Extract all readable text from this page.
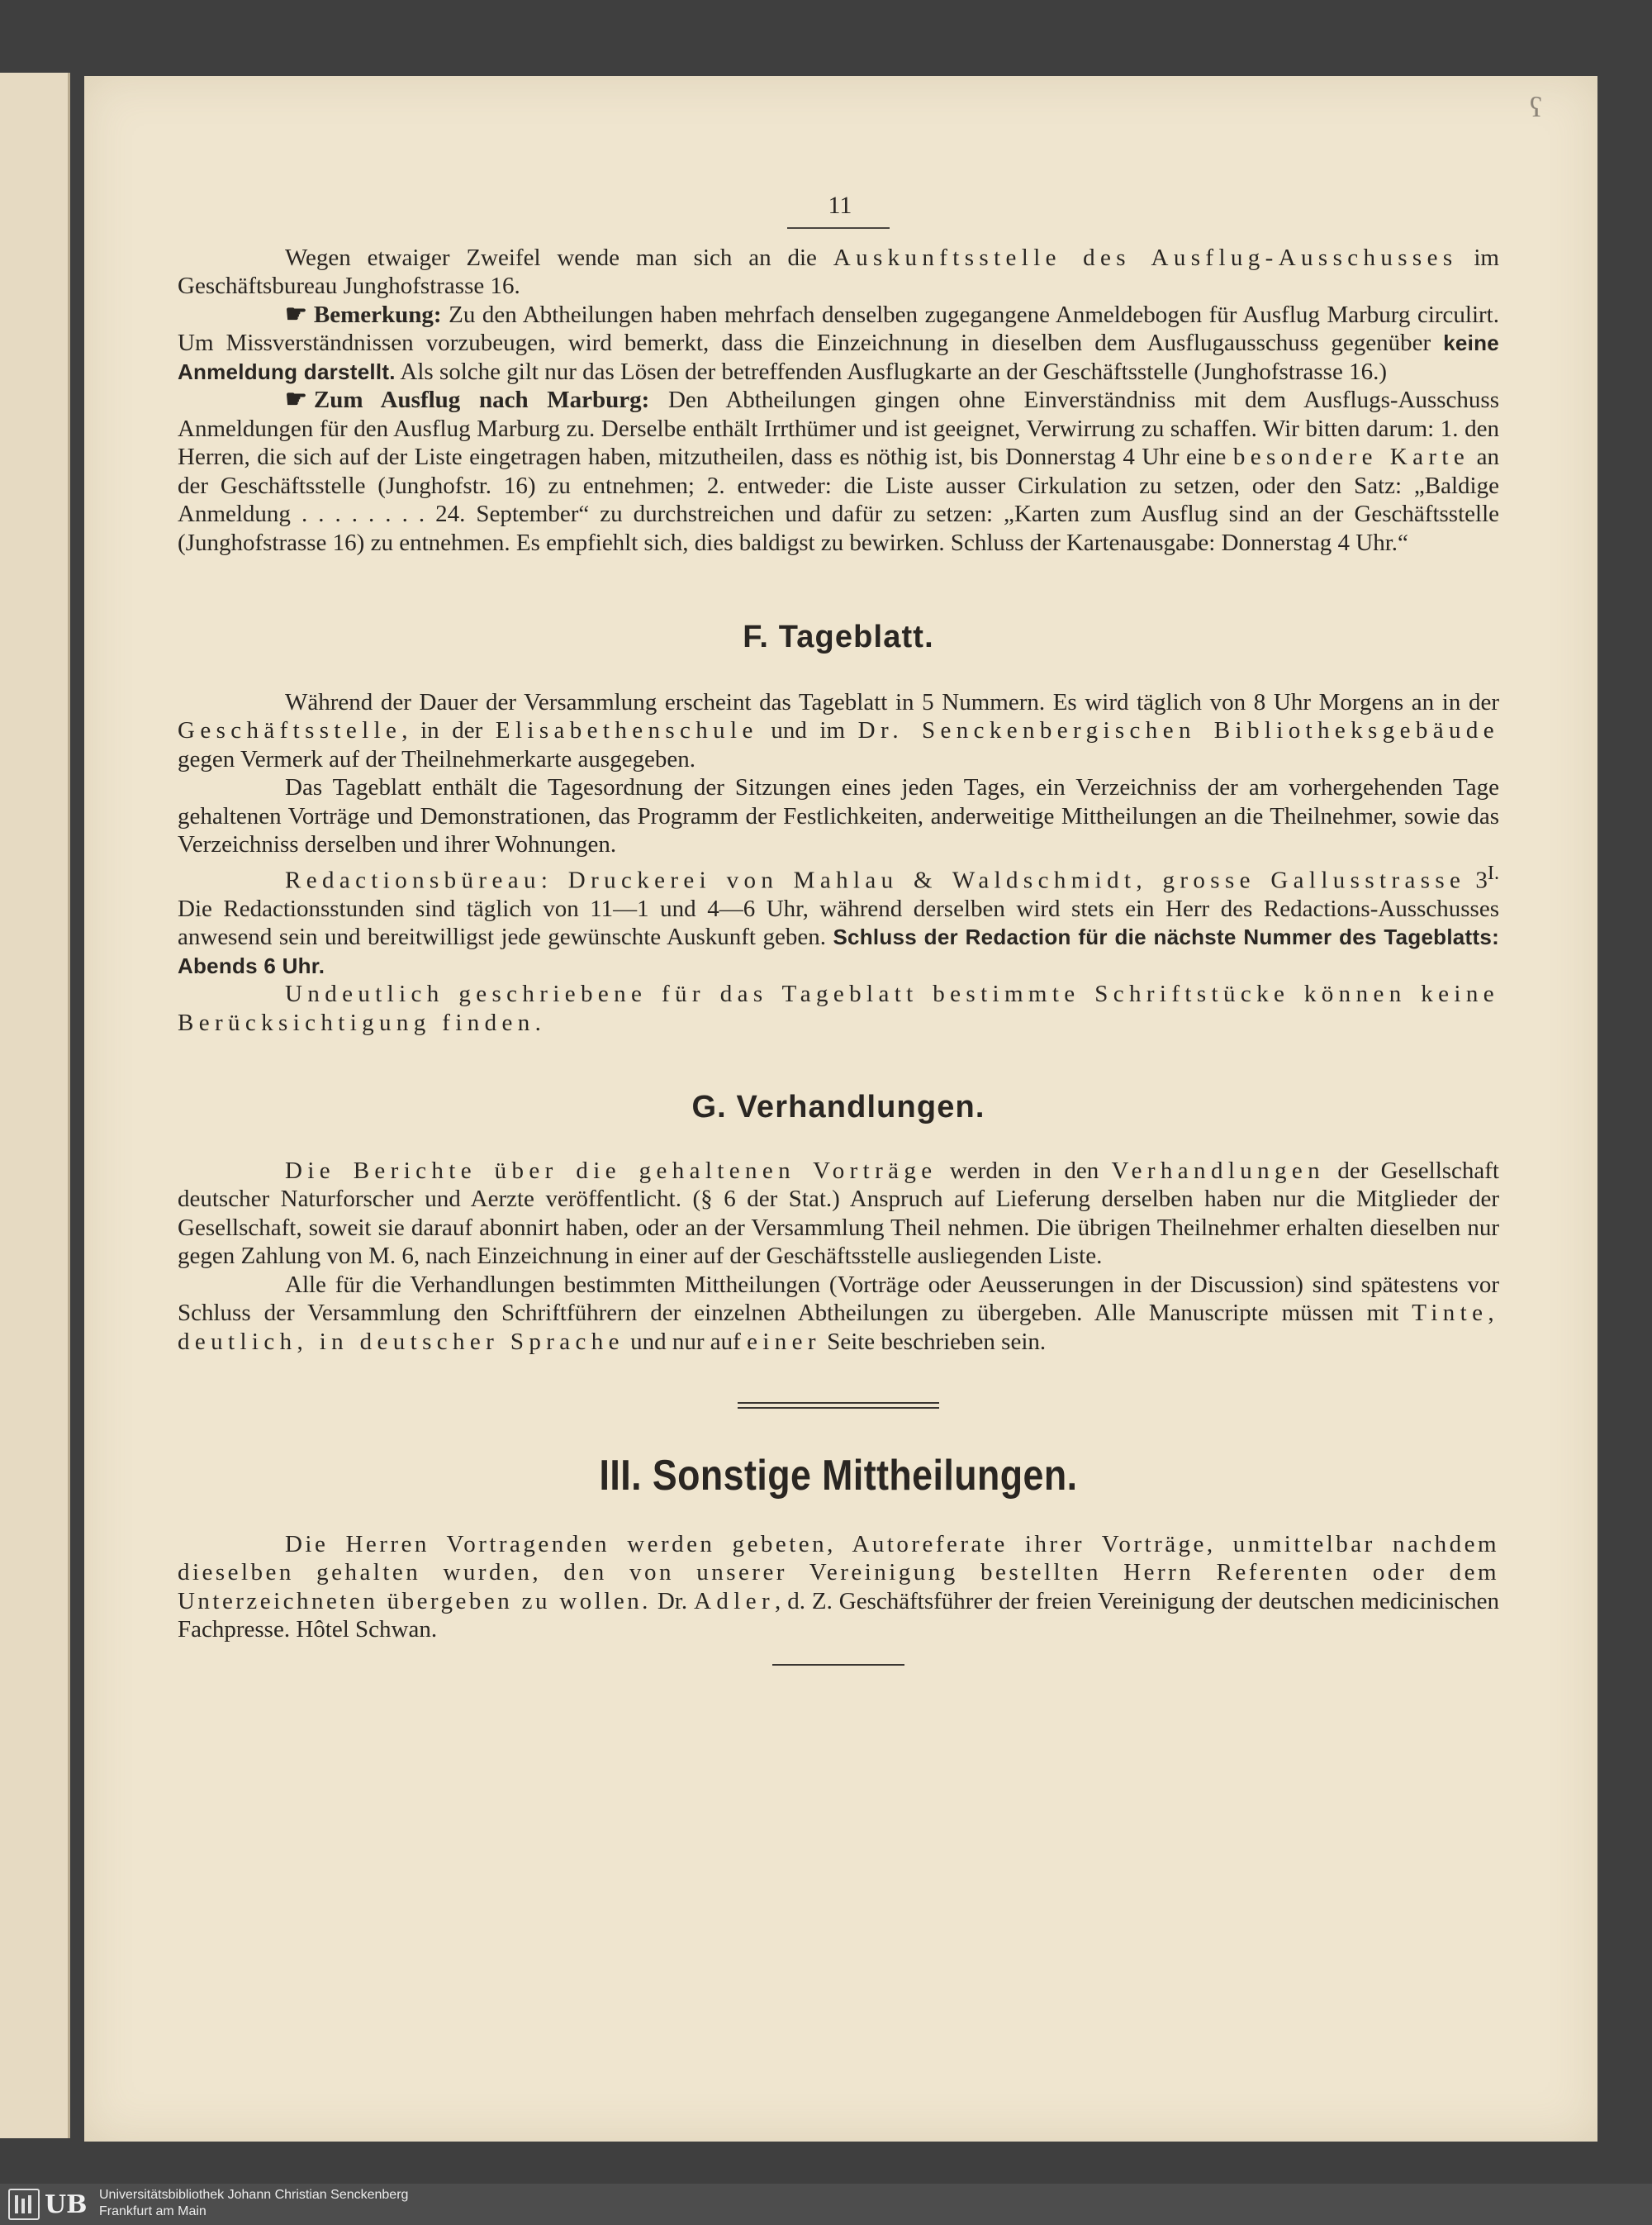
ʕ
11

Wegen etwaiger Zweifel wende man sich an die Auskunftsstelle des Ausflug-Ausschusses im Geschäftsbureau Junghofstrasse 16.

☛ Bemerkung: Zu den Abtheilungen haben mehrfach denselben zugegangene Anmeldebogen für Ausflug Marburg circulirt. Um Missverständnissen vorzubeugen, wird bemerkt, dass die Einzeichnung in dieselben dem Ausflugausschuss gegenüber keine Anmeldung darstellt. Als solche gilt nur das Lösen der betreffenden Ausflugkarte an der Geschäftsstelle (Junghofstrasse 16.)

☛ Zum Ausflug nach Marburg: Den Abtheilungen gingen ohne Einverständniss mit dem Ausflugs-Ausschuss Anmeldungen für den Ausflug Marburg zu. Derselbe enthält Irrthümer und ist geeignet, Verwirrung zu schaffen. Wir bitten darum: 1. den Herren, die sich auf der Liste eingetragen haben, mitzutheilen, dass es nöthig ist, bis Donnerstag 4 Uhr eine besondere Karte an der Geschäftsstelle (Junghofstr. 16) zu entnehmen; 2. entweder: die Liste ausser Cirkulation zu setzen, oder den Satz: „Baldige Anmeldung . . . . . . . . 24. September“ zu durchstreichen und dafür zu setzen: „Karten zum Ausflug sind an der Geschäftsstelle (Junghofstrasse 16) zu entnehmen. Es empfiehlt sich, dies baldigst zu bewirken. Schluss der Kartenausgabe: Donnerstag 4 Uhr.“

F. Tageblatt.

Während der Dauer der Versammlung erscheint das Tageblatt in 5 Nummern. Es wird täglich von 8 Uhr Morgens an in der Geschäftsstelle, in der Elisabethenschule und im Dr. Senckenbergischen Bibliotheksgebäude gegen Vermerk auf der Theilnehmerkarte ausgegeben.

Das Tageblatt enthält die Tagesordnung der Sitzungen eines jeden Tages, ein Verzeichniss der am vorhergehenden Tage gehaltenen Vorträge und Demonstrationen, das Programm der Festlichkeiten, anderweitige Mittheilungen an die Theilnehmer, sowie das Verzeichniss derselben und ihrer Wohnungen.

Redactionsbüreau: Druckerei von Mahlau & Waldschmidt, grosse Gallusstrasse $3^{I.}$ Die Redactionsstunden sind täglich von 11—1 und 4—6 Uhr, während derselben wird stets ein Herr des Redactions-Ausschusses anwesend sein und bereitwilligst jede gewünschte Auskunft geben. Schluss der Redaction für die nächste Nummer des Tageblatts: Abends 6 Uhr.

Undeutlich geschriebene für das Tageblatt bestimmte Schriftstücke können keine Berücksichtigung finden.

G. Verhandlungen.

Die Berichte über die gehaltenen Vorträge werden in den Verhandlungen der Gesellschaft deutscher Naturforscher und Aerzte veröffentlicht. (§ 6 der Stat.) Anspruch auf Lieferung derselben haben nur die Mitglieder der Gesellschaft, soweit sie darauf abonnirt haben, oder an der Versammlung Theil nehmen. Die übrigen Theilnehmer erhalten dieselben nur gegen Zahlung von M. 6, nach Einzeichnung in einer auf der Geschäftsstelle ausliegenden Liste.

Alle für die Verhandlungen bestimmten Mittheilungen (Vorträge oder Aeusserungen in der Discussion) sind spätestens vor Schluss der Versammlung den Schriftführern der einzelnen Abtheilungen zu übergeben. Alle Manuscripte müssen mit Tinte, deutlich, in deutscher Sprache und nur auf einer Seite beschrieben sein.

III. Sonstige Mittheilungen.

Die Herren Vortragenden werden gebeten, Autoreferate ihrer Vorträge, unmittelbar nachdem dieselben gehalten wurden, den von unserer Vereinigung bestellten Herrn Referenten oder dem Unterzeichneten übergeben zu wollen. Dr. Adler, d. Z. Geschäftsführer der freien Vereinigung der deutschen medicinischen Fachpresse. Hôtel Schwan.

UB Universitätsbibliothek Johann Christian Senckenberg
Frankfurt am Main
